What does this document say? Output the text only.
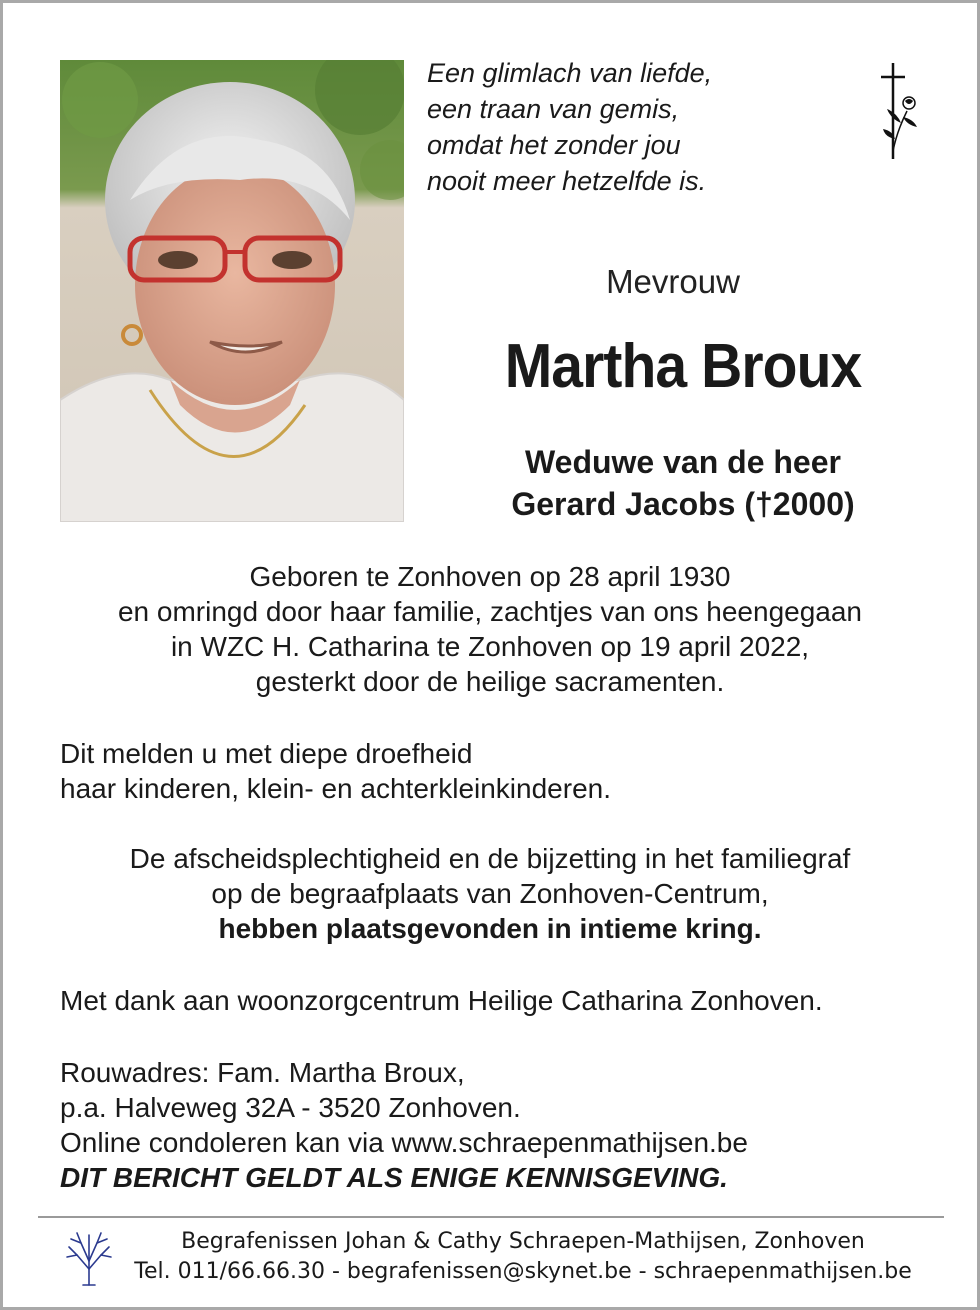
Een glimlach van liefde,
een traan van gemis,
omdat het zonder jou
nooit meer hetzelfde is.
Mevrouw
Martha Broux
Weduwe van de heer
Gerard Jacobs (†2000)
Geboren te Zonhoven op 28 april 1930
en omringd door haar familie, zachtjes van ons heengegaan
in WZC H. Catharina te Zonhoven op 19 april 2022,
gesterkt door de heilige sacramenten.
Dit melden u met diepe droefheid
haar kinderen, klein- en achterkleinkinderen.
De afscheidsplechtigheid en de bijzetting in het familiegraf
op de begraafplaats van Zonhoven-Centrum,
hebben plaatsgevonden in intieme kring.
Met dank aan woonzorgcentrum Heilige Catharina Zonhoven.
Rouwadres: Fam. Martha Broux,
p.a. Halveweg 32A - 3520 Zonhoven.
Online condoleren kan via www.schraepenmathijsen.be
DIT BERICHT GELDT ALS ENIGE KENNISGEVING.
Begrafenissen Johan & Cathy Schraepen-Mathijsen, Zonhoven
Tel. 011/66.66.30 - begrafenissen@skynet.be - schraepenmathijsen.be
